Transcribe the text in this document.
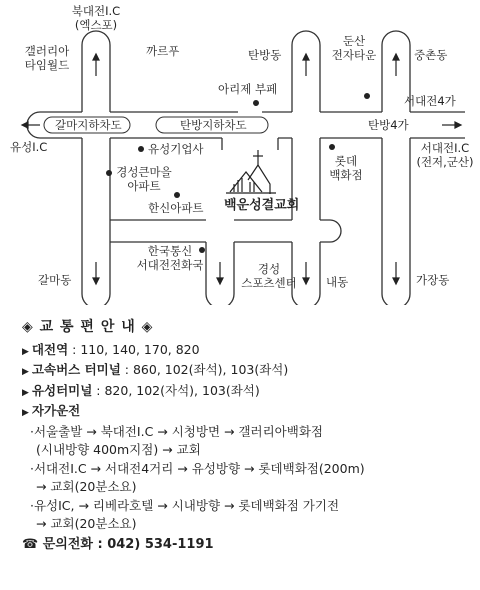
북대전I.C
(엑스포)
갤러리아
타임월드
까르푸	탄방동
둔산
전자타운	중촌동
아리제 부페
서대전4가
탄방4가
유성I.C
갈마지하차도	탄방지하차도
유성기업사
경성큰마을
아파트
한신아파트
롯데
백화점
서대전I.C
(전저,군산)
백운성결교회
한국통신
서대전전화국	경성
스포츠센터
갈마동	내동	가장동
◈ 교 통 편 안 내 ◈
▶ 대전역 : 110, 140, 170, 820
▶ 고속버스 터미널 : 860, 102(좌석), 103(좌석)
▶ 유성터미널 : 820, 102(자석), 103(좌석)
▶ 자가운전
·서울출발 → 북대전I.C → 시청방면 → 갤러리아백화점
(시내방향 400m지점) → 교회
·서대전I.C → 서대전4거리 → 유성방향 → 롯데백화점(200m)
→ 교회(20분소요)
·유성IC, → 리베라호텔 → 시내방향 → 롯데백화점 가기전
→ 교회(20분소요)
☎ 문의전화 : 042) 534-1191
